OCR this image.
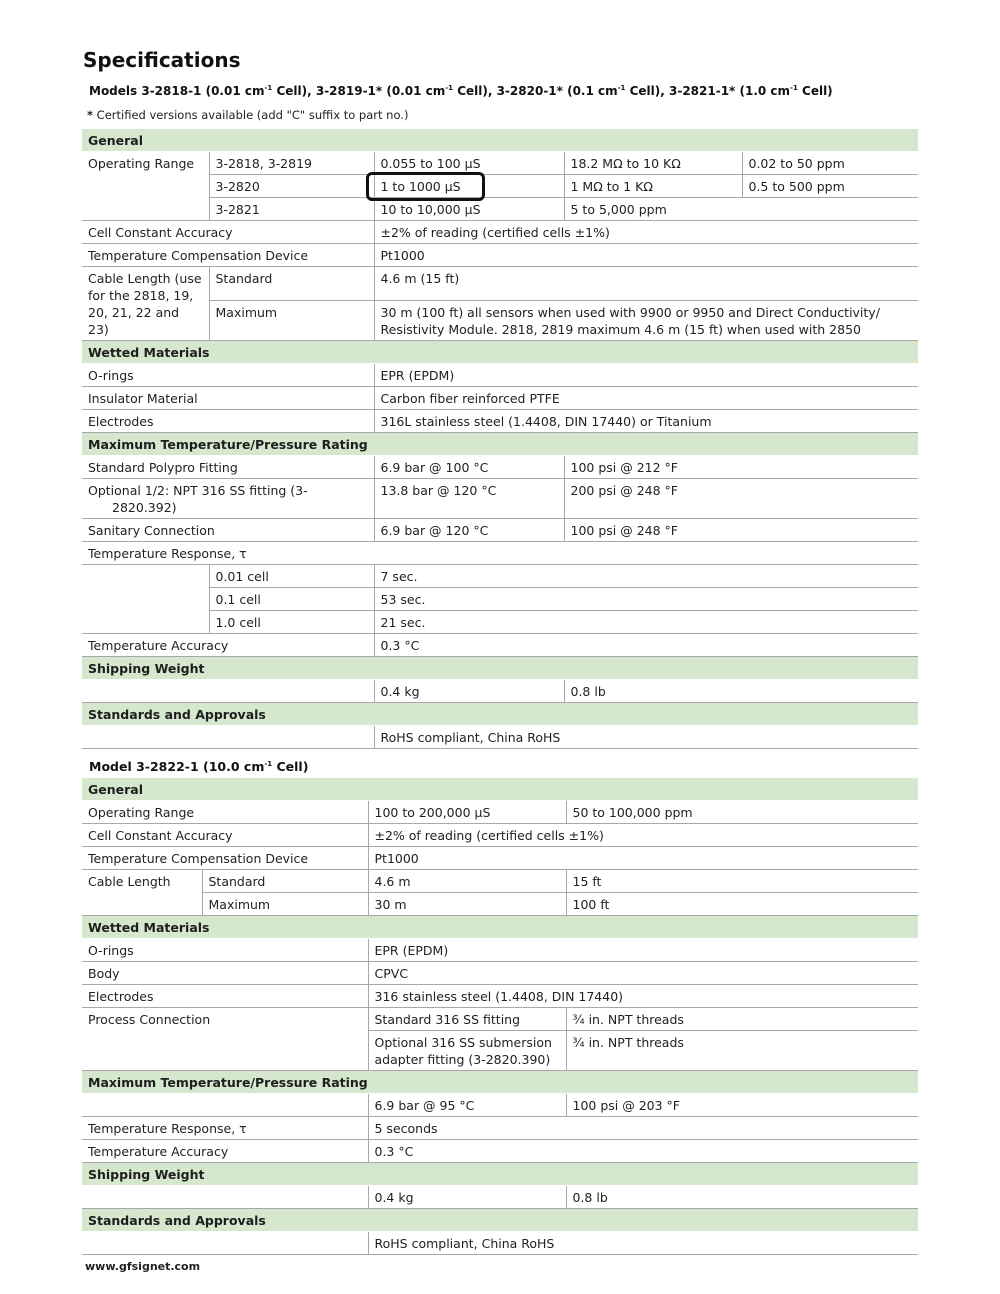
Specifications
Models 3-2818-1 (0.01 $cm^{-1}$ Cell), 3-2819-1* (0.01 $cm^{-1}$ Cell), 3-2820-1* (0.1 $cm^{-1}$ Cell), 3-2821-1* (1.0 $cm^{-1}$ Cell)
* Certified versions available (add "C" suffix to part no.)
General				
Operating Range	3-2818, 3-2819	0.055 to 100 µS	18.2 MΩ to 10 KΩ	0.02 to 50 ppm
	3-2820	1 to 1000 µS	1 MΩ to 1 KΩ	0.5 to 500 ppm
	3-2821	10 to 10,000 µS	5 to 5,000 ppm	
Cell Constant Accuracy		±2% of reading (certified cells ±1%)		
Temperature Compensation Device		Pt1000		
Cable Length (use for the 2818, 19, 20, 21, 22 and 23)	Standard	4.6 m (15 ft)		
	Maximum	30 m (100 ft) all sensors when used with 9900 or 9950 and Direct Conductivity/ Resistivity Module. 2818, 2819 maximum 4.6 m (15 ft) when used with 2850		
Wetted Materials				
O-rings		EPR (EPDM)		
Insulator Material		Carbon fiber reinforced PTFE		
Electrodes		316L stainless steel (1.4408, DIN 17440) or Titanium		
Maximum Temperature/Pressure Rating				
Standard Polypro Fitting		6.9 bar @ 100 °C	100 psi @ 212 °F	
Optional 1/2: NPT 316 SS fitting (3-
2820.392)		13.8 bar @ 120 °C	200 psi @ 248 °F	
Sanitary Connection		6.9 bar @ 120 °C	100 psi @ 248 °F	
Temperature Response, τ				
	0.01 cell	7 sec.		
	0.1 cell	53 sec.		
	1.0 cell	21 sec.		
Temperature Accuracy		0.3 °C		
Shipping Weight				
		0.4 kg	0.8 lb	
Standards and Approvals				
		RoHS compliant, China RoHS		
Model 3-2822-1 (10.0 $cm^{-1}$ Cell)
General			
Operating Range		100 to 200,000 µS	50 to 100,000 ppm
Cell Constant Accuracy		±2% of reading (certified cells ±1%)	
Temperature Compensation Device		Pt1000	
Cable Length	Standard	4.6 m	15 ft
	Maximum	30 m	100 ft
Wetted Materials			
O-rings		EPR (EPDM)	
Body		CPVC	
Electrodes		316 stainless steel (1.4408, DIN 17440)	
Process Connection		Standard 316 SS fitting	¾ in. NPT threads
		Optional 316 SS submersion adapter fitting (3-2820.390)	¾ in. NPT threads
Maximum Temperature/Pressure Rating			
		6.9 bar @ 95 °C	100 psi @ 203 °F
Temperature Response, τ		5 seconds	
Temperature Accuracy		0.3 °C	
Shipping Weight			
		0.4 kg	0.8 lb
Standards and Approvals			
		RoHS compliant, China RoHS	
www.gfsignet.com
